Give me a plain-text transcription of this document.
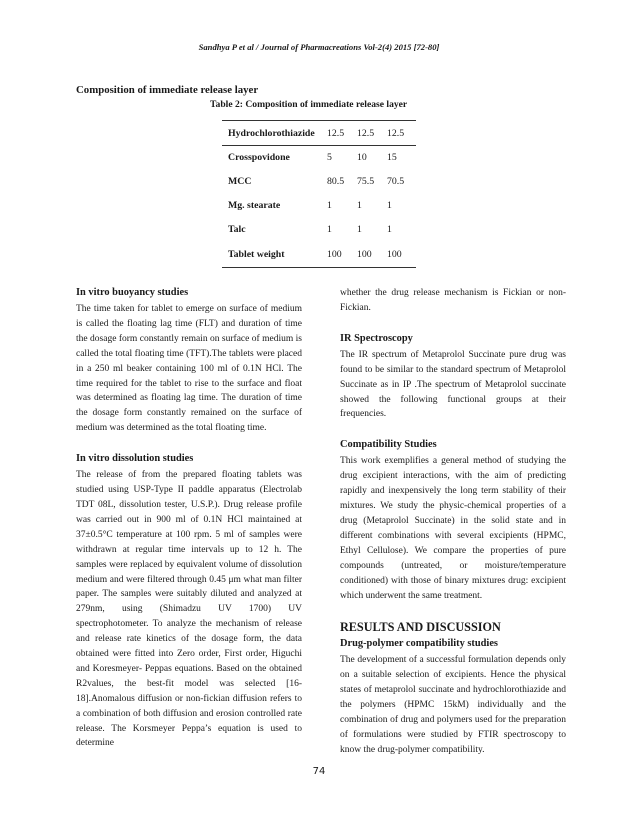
Sandhya P et al / Journal of Pharmacreations Vol-2(4) 2015 [72-80]
Composition of immediate release layer
Table 2: Composition of immediate release layer
Hydrochlorothiazide	12.5	12.5	12.5
Crosspovidone	5	10	15
MCC	80.5	75.5	70.5
Mg. stearate	1	1	1
Talc	1	1	1
Tablet weight	100	100	100
In vitro buoyancy studies

The time taken for tablet to emerge on surface of medium is called the floating lag time (FLT) and duration of time the dosage form constantly remain on surface of medium is called the total floating time (TFT).The tablets were placed in a 250 ml beaker containing 100 ml of 0.1N HCl. The time required for the tablet to rise to the surface and float was determined as floating lag time. The duration of time the dosage form constantly remained on the surface of medium was determined as the total floating time.

In vitro dissolution studies

The release of from the prepared floating tablets was studied using USP-Type II paddle apparatus (Electrolab TDT 08L, dissolution tester, U.S.P.). Drug release profile was carried out in 900 ml of 0.1N HCl maintained at 37±0.5°C temperature at 100 rpm. 5 ml of samples were withdrawn at regular time intervals up to 12 h. The samples were replaced by equivalent volume of dissolution medium and were filtered through 0.45 μm what man filter paper. The samples were suitably diluted and analyzed at 279nm, using (Shimadzu UV 1700) UV spectrophotometer. To analyze the mechanism of release and release rate kinetics of the dosage form, the data obtained were fitted into Zero order, First order, Higuchi and Koresmeyer- Peppas equations. Based on the obtained R2values, the best-fit model was selected [16-18].Anomalous diffusion or non-fickian diffusion refers to a combination of both diffusion and erosion controlled rate release. The Korsmeyer Peppa’s equation is used to determine

whether the drug release mechanism is Fickian or non-Fickian.

IR Spectroscopy

The IR spectrum of Metaprolol Succinate pure drug was found to be similar to the standard spectrum of Metaprolol Succinate as in IP .The spectrum of Metaprolol succinate showed the following functional groups at their frequencies.

Compatibility Studies

This work exemplifies a general method of studying the drug excipient interactions, with the aim of predicting rapidly and inexpensively the long term stability of their mixtures. We study the physic-chemical properties of a drug (Metaprolol Succinate) in the solid state and in different combinations with several excipients (HPMC, Ethyl Cellulose). We compare the properties of pure compounds (untreated, or moisture/temperature conditioned) with those of binary mixtures drug: excipient which underwent the same treatment.

RESULTS AND DISCUSSION
Drug-polymer compatibility studies

The development of a successful formulation depends only on a suitable selection of excipients. Hence the physical states of metaprolol succinate and hydrochlorothiazide and the polymers (HPMC 15kM) individually and the combination of drug and polymers used for the preparation of formulations were studied by FTIR spectroscopy to know the drug-polymer compatibility.

74
